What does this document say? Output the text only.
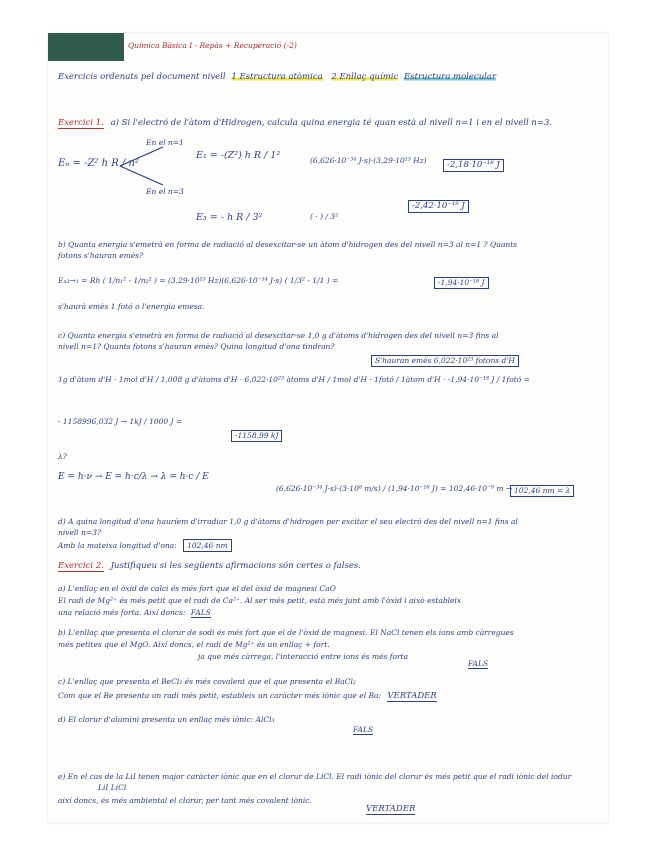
Química Bàsica I - Repàs + Recuperació (-2)
Exercicis ordenats pel document nivell 1 Estructura atòmica 2 Enllaç químic Estructura molecular
Exercici 1. a) Si l'electró de l'àtom d'Hidrogen, calcula quina energia té quan està al nivell n=1 i en el nivell n=3.
Eₙ = -Z² h R / n²
En el n=1
En el n=3
E₁ = -(Z²) h R / 1²	(6,626·10⁻³⁴ J·s)·(3,29·10¹⁵ Hz)	-2,18·10⁻¹⁸ J
E₃ = - h R / 3²	( · ) / 3²
-2,42·10⁻¹⁹ J
b) Quanta energia s'emetrà en forma de radiació al desexcitar-se un àtom d'hidrogen des del nivell n=3 al n=1 ? Quants
fotons s'hauran emès?
Eₙ₃→₁ = Rh ( 1/n₁² - 1/n₂² ) = (3,29·10¹⁵ Hz)(6,626·10⁻³⁴ J·s) ( 1/3² - 1/1 ) =	-1,94·10⁻¹⁸ J
s'haurà emès 1 fotó o l'energia emesa.
c) Quanta energia s'emetrà en forma de radiació al desexcitar-se 1,0 g d'àtoms d'hidrogen des del nivell n=3 fins al
nivell n=1? Quants fotons s'hauran emès? Quina longitud d'ona tindran?
S'hauran emès 6,022·10²³ fotons d'H
1g d'àtom d'H · 1mol d'H / 1,008 g d'àtoms d'H · 6,022·10²³ àtoms d'H / 1mol d'H · 1fotó / 1àtom d'H · -1,94·10⁻¹⁸ J / 1fotó =
- 1158996,032 J → 1kJ / 1000 J =
-1158,99 kJ
λ?
E = h·ν → E = h·c/λ → λ = h·c / E
(6,626·10⁻³⁴ J·s)·(3·10⁸ m/s) / (1,94·10⁻¹⁸ J) = 102,46·10⁻⁹ m → 102,46 nm = λ
d) A quina longitud d'ona hauríem d'irradiar 1,0 g d'àtoms d'hidrogen per excitar el seu electró des del nivell n=1 fins al
nivell n=3?
Amb la mateixa longitud d'ona: 102,46 nm
Exercici 2. Justifiqueu si les següents afirmacions són certes o falses.
a) L'enllaç en el òxid de calci és més fort que el del òxid de magnesi CaO
El radi de Mg²⁺ és més petit que el radi de Ca²⁺. Al ser més petit, està més junt amb l'òxid i això estableix
una relació més forta. Així doncs: FALS
b) L'enllaç que presenta el clorur de sodi és més fort que el de l'òxid de magnesi. El NaCl tenen els ions amb càrregues
més petites que el MgO. Així doncs, el radi de Mg²⁺ és un enllaç + fort.
ja que més càrrega, l'interacció entre ions és més forta
FALS
c) L'enllaç que presenta el BeCl₂ és més covalent que el que presenta el BaCl₂
Com que el Be presenta un radi més petit, estableix un caràcter més iònic que el Ba: VERTADER
d) El clorur d'alumini presenta un enllaç més iònic: AlCl₃
FALS
e) En el cas de la LiI tenen major caràcter iònic que en el clorur de LiCl. El radi iònic del clorur és més petit que el radi iònic del iodur
LiI LiCl
així doncs, és més ambiental el clorur, per tant més covalent iònic.
VERTADER
